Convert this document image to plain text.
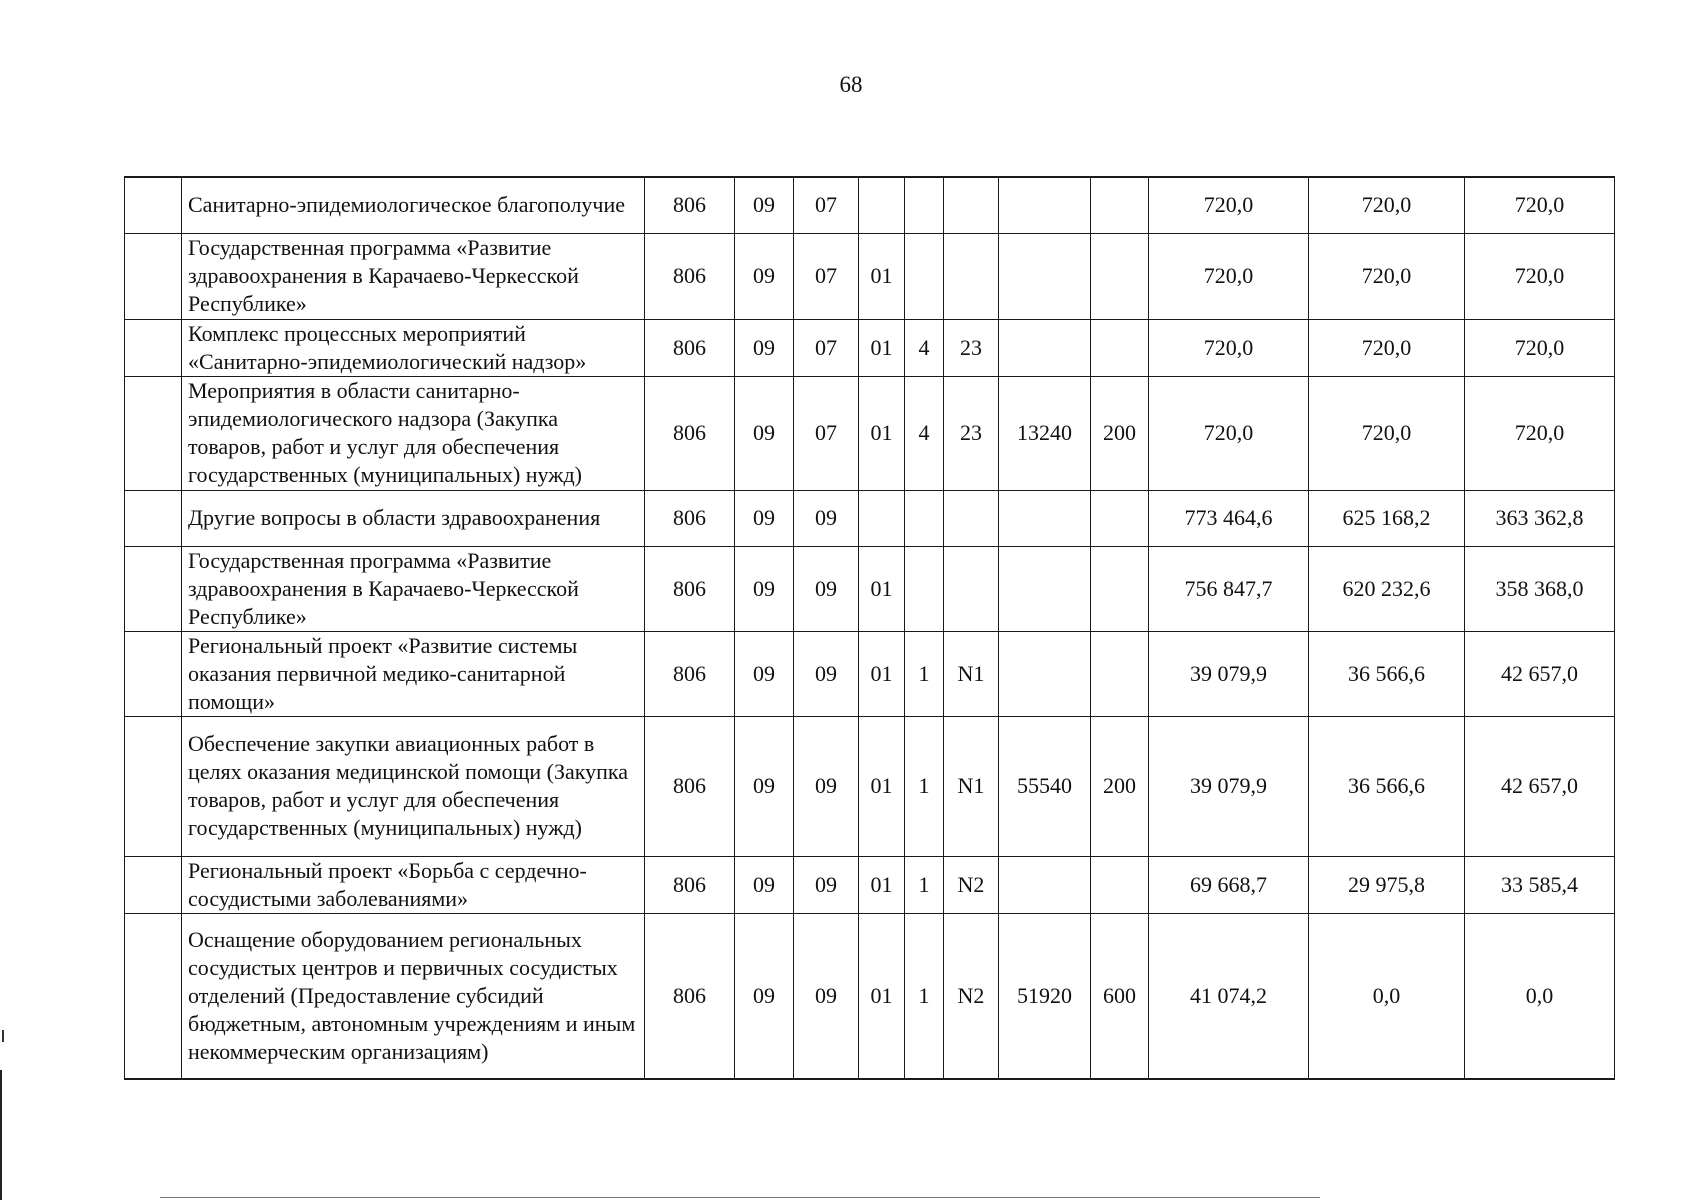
68
	Санитарно-эпидемиологическое благополучие	806	09	07						720,0	720,0	720,0
	Государственная программа «Развитие здравоохранения в Карачаево-Черкесской Республике»	806	09	07	01					720,0	720,0	720,0
	Комплекс процессных мероприятий «Санитарно-эпидемиологический надзор»	806	09	07	01	4	23			720,0	720,0	720,0
	Мероприятия в области санитарно-эпидемиологического надзора (Закупка товаров, работ и услуг для обеспечения государственных (муниципальных) нужд)	806	09	07	01	4	23	13240	200	720,0	720,0	720,0
	Другие вопросы в области здравоохранения	806	09	09						773 464,6	625 168,2	363 362,8
	Государственная программа «Развитие здравоохранения в Карачаево-Черкесской Республике»	806	09	09	01					756 847,7	620 232,6	358 368,0
	Региональный проект «Развитие системы оказания первичной медико-санитарной помощи»	806	09	09	01	1	N1			39 079,9	36 566,6	42 657,0
	Обеспечение закупки авиационных работ в целях оказания медицинской помощи (Закупка товаров, работ и услуг для обеспечения государственных (муниципальных) нужд)	806	09	09	01	1	N1	55540	200	39 079,9	36 566,6	42 657,0
	Региональный проект «Борьба с сердечно-сосудистыми заболеваниями»	806	09	09	01	1	N2			69 668,7	29 975,8	33 585,4
	Оснащение оборудованием региональных сосудистых центров и первичных сосудистых отделений (Предоставление субсидий бюджетным, автономным учреждениям и иным некоммерческим организациям)	806	09	09	01	1	N2	51920	600	41 074,2	0,0	0,0
